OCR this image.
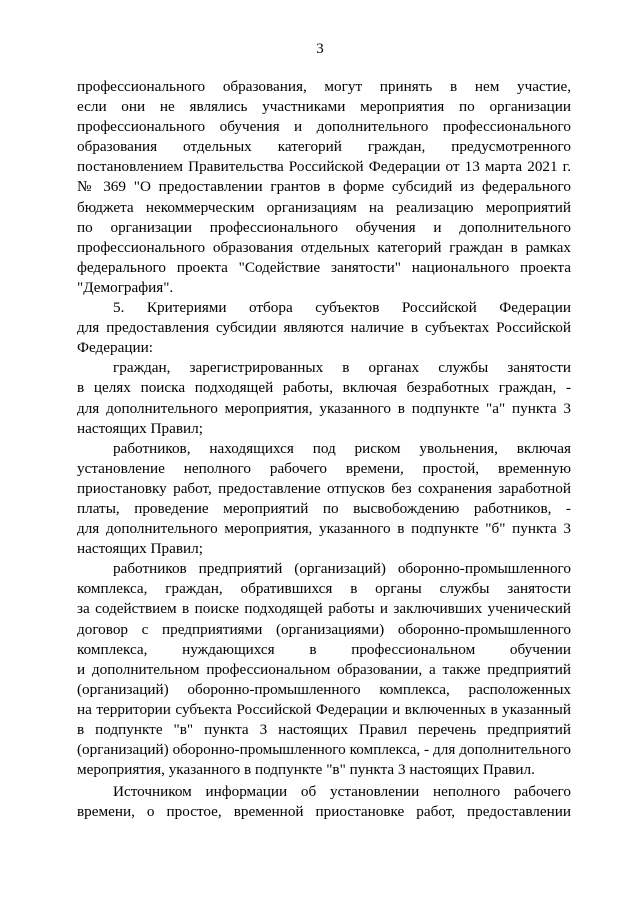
3
профессионального образования, могут принять в нем участие,
если они не являлись участниками мероприятия по организации
профессионального обучения и дополнительного профессионального
образования отдельных категорий граждан, предусмотренного
постановлением Правительства Российской Федерации от 13 марта 2021 г.
№ 369 "О предоставлении грантов в форме субсидий из федерального
бюджета некоммерческим организациям на реализацию мероприятий
по организации профессионального обучения и дополнительного
профессионального образования отдельных категорий граждан в рамках
федерального проекта "Содействие занятости" национального проекта
"Демография".
5. Критериями отбора субъектов Российской Федерации
для предоставления субсидии являются наличие в субъектах Российской
Федерации:
граждан, зарегистрированных в органах службы занятости
в целях поиска подходящей работы, включая безработных граждан, -
для дополнительного мероприятия, указанного в подпункте "а" пункта 3
настоящих Правил;
работников, находящихся под риском увольнения, включая
установление неполного рабочего времени, простой, временную
приостановку работ, предоставление отпусков без сохранения заработной
платы, проведение мероприятий по высвобождению работников, -
для дополнительного мероприятия, указанного в подпункте "б" пункта 3
настоящих Правил;
работников предприятий (организаций) оборонно-промышленного
комплекса, граждан, обратившихся в органы службы занятости
за содействием в поиске подходящей работы и заключивших ученический
договор с предприятиями (организациями) оборонно-промышленного
комплекса, нуждающихся в профессиональном обучении
и дополнительном профессиональном образовании, а также предприятий
(организаций) оборонно-промышленного комплекса, расположенных
на территории субъекта Российской Федерации и включенных в указанный
в подпункте "в" пункта 3 настоящих Правил перечень предприятий
(организаций) оборонно-промышленного комплекса, - для дополнительного
мероприятия, указанного в подпункте "в" пункта 3 настоящих Правил.
Источником информации об установлении неполного рабочего
времени, о простое, временной приостановке работ, предоставлении
